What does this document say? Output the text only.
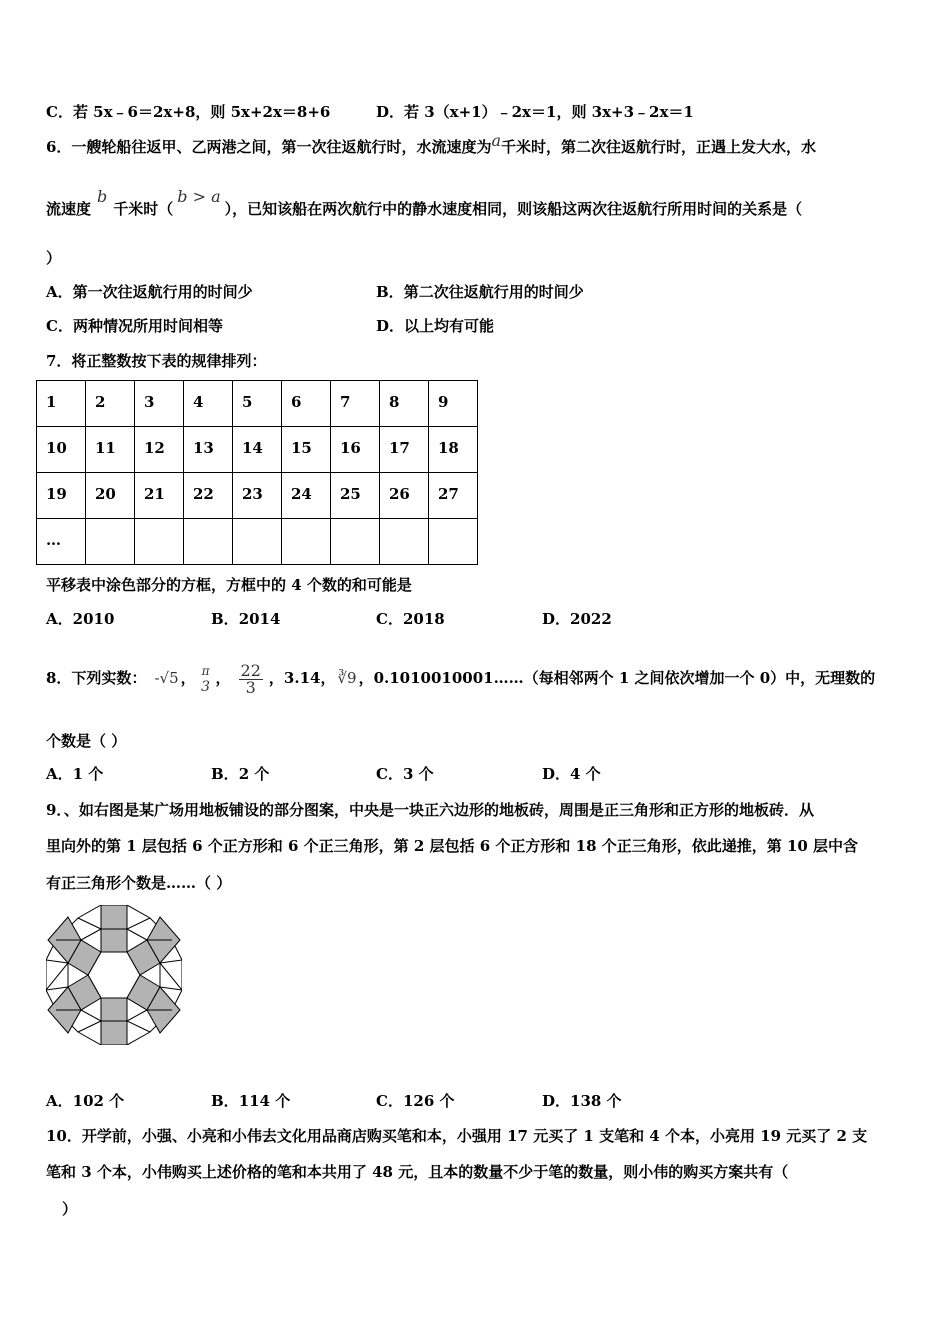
C．若 5x﹣6＝2x+8，则 5x+2x＝8+6	D．若 3（x+1）﹣2x＝1，则 3x+3﹣2x＝1
6．一艘轮船往返甲、乙两港之间，第一次往返航行时，水流速度为a千米时，第二次往返航行时，正遇上发大水，水
流速度b千米时（b > a），已知该船在两次航行中的静水速度相同，则该船这两次往返航行所用时间的关系是（
）
A．第一次往返航行用的时间少	B．第二次往返航行用的时间少
C．两种情况所用时间相等	D．以上均有可能
7．将正整数按下表的规律排列：
1	2	3	4	5	6	7	8	9

10	11	12	13	14	15	16	17	18

19	20	21	22	23	24	25	26	27

…								

平移表中涂色部分的方框，方框中的 4 个数的和可能是
A．2010	B．2014	C．2018	D．2022
8．下列实数： -√5 ， π
3 ， $\frac{22}{3}$ ，3.14， ∛9 ，0.1010010001……（每相邻两个 1 之间依次增加一个 0）中，无理数的
个数是（ ）
A．1 个	B．2 个	C．3 个	D．4 个
9．、如右图是某广场用地板铺设的部分图案，中央是一块正六边形的地板砖，周围是正三角形和正方形的地板砖．从
里向外的第 1 层包括 6 个正方形和 6 个正三角形，第 2 层包括 6 个正方形和 18 个正三角形，依此递推，第 10 层中含
有正三角形个数是……（ ）
A．102 个	B．114 个	C．126 个	D．138 个
10．开学前，小强、小亮和小伟去文化用品商店购买笔和本，小强用 17 元买了 1 支笔和 4 个本，小亮用 19 元买了 2 支
笔和 3 个本，小伟购买上述价格的笔和本共用了 48 元，且本的数量不少于笔的数量，则小伟的购买方案共有（
）
